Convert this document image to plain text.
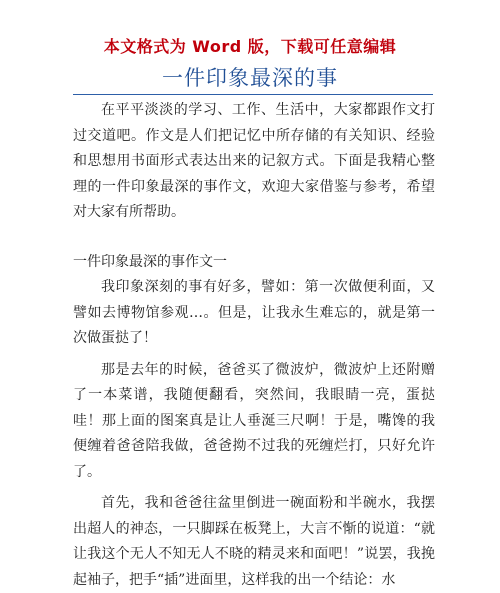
本文格式为 Word 版，下载可任意编辑
一件印象最深的事

在平平淡淡的学习、工作、生活中，大家都跟作文打过交道吧。作文是人们把记忆中所存储的有关知识、经验和思想用书面形式表达出来的记叙方式。下面是我精心整理的一件印象最深的事作文，欢迎大家借鉴与参考，希望对大家有所帮助。

一件印象最深的事作文一

我印象深刻的事有好多，譬如：第一次做便利面，又譬如去博物馆参观…。但是，让我永生难忘的，就是第一次做蛋挞了！

那是去年的时候，爸爸买了微波炉，微波炉上还附赠了一本菜谱，我随便翻看，突然间，我眼睛一亮，蛋挞哇！那上面的图案真是让人垂涎三尺啊！于是，嘴馋的我便缠着爸爸陪我做，爸爸拗不过我的死缠烂打，只好允许了。

首先，我和爸爸往盆里倒进一碗面粉和半碗水，我摆出超人的神态，一只脚踩在板凳上，大言不惭的说道：“就让我这个无人不知无人不晓的精灵来和面吧！”说罢，我挽起袖子，把手“插”进面里，这样我的出一个结论：水
